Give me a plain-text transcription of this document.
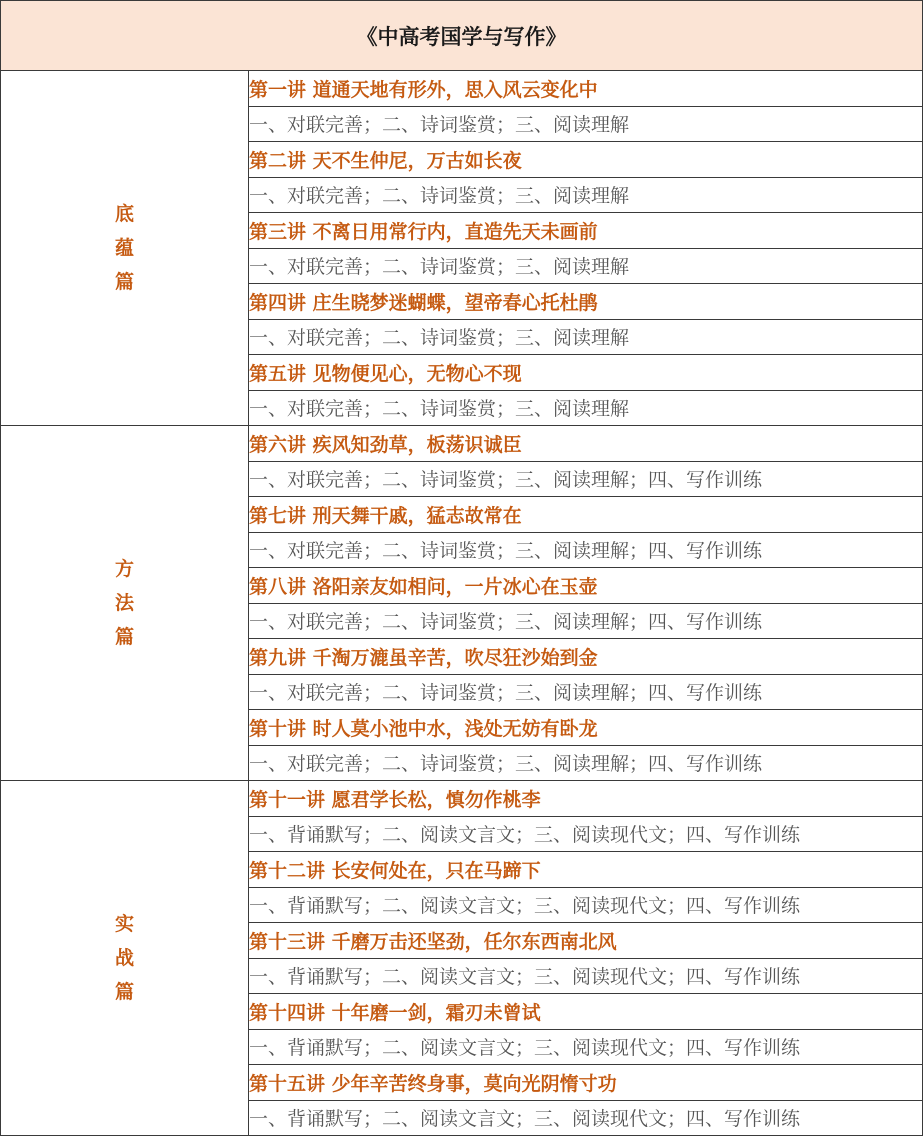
《中高考国学与写作》	
底蕴篇	第一讲 道通天地有形外，思入风云变化中
	一、对联完善；二、诗词鉴赏；三、阅读理解
	第二讲 天不生仲尼，万古如长夜
	一、对联完善；二、诗词鉴赏；三、阅读理解
	第三讲 不离日用常行内，直造先天未画前
	一、对联完善；二、诗词鉴赏；三、阅读理解
	第四讲 庄生晓梦迷蝴蝶，望帝春心托杜鹃
	一、对联完善；二、诗词鉴赏；三、阅读理解
	第五讲 见物便见心，无物心不现
	一、对联完善；二、诗词鉴赏；三、阅读理解
方法篇	第六讲 疾风知劲草，板荡识诚臣
	一、对联完善；二、诗词鉴赏；三、阅读理解；四、写作训练
	第七讲 刑天舞干戚，猛志故常在
	一、对联完善；二、诗词鉴赏；三、阅读理解；四、写作训练
	第八讲 洛阳亲友如相问，一片冰心在玉壶
	一、对联完善；二、诗词鉴赏；三、阅读理解；四、写作训练
	第九讲 千淘万漉虽辛苦，吹尽狂沙始到金
	一、对联完善；二、诗词鉴赏；三、阅读理解；四、写作训练
	第十讲 时人莫小池中水，浅处无妨有卧龙
	一、对联完善；二、诗词鉴赏；三、阅读理解；四、写作训练
实战篇	第十一讲 愿君学长松，慎勿作桃李
	一、背诵默写；二、阅读文言文；三、阅读现代文；四、写作训练
	第十二讲 长安何处在，只在马蹄下
	一、背诵默写；二、阅读文言文；三、阅读现代文；四、写作训练
	第十三讲 千磨万击还坚劲，任尔东西南北风
	一、背诵默写；二、阅读文言文；三、阅读现代文；四、写作训练
	第十四讲 十年磨一剑，霜刃未曾试
	一、背诵默写；二、阅读文言文；三、阅读现代文；四、写作训练
	第十五讲 少年辛苦终身事，莫向光阴惰寸功
	一、背诵默写；二、阅读文言文；三、阅读现代文；四、写作训练
